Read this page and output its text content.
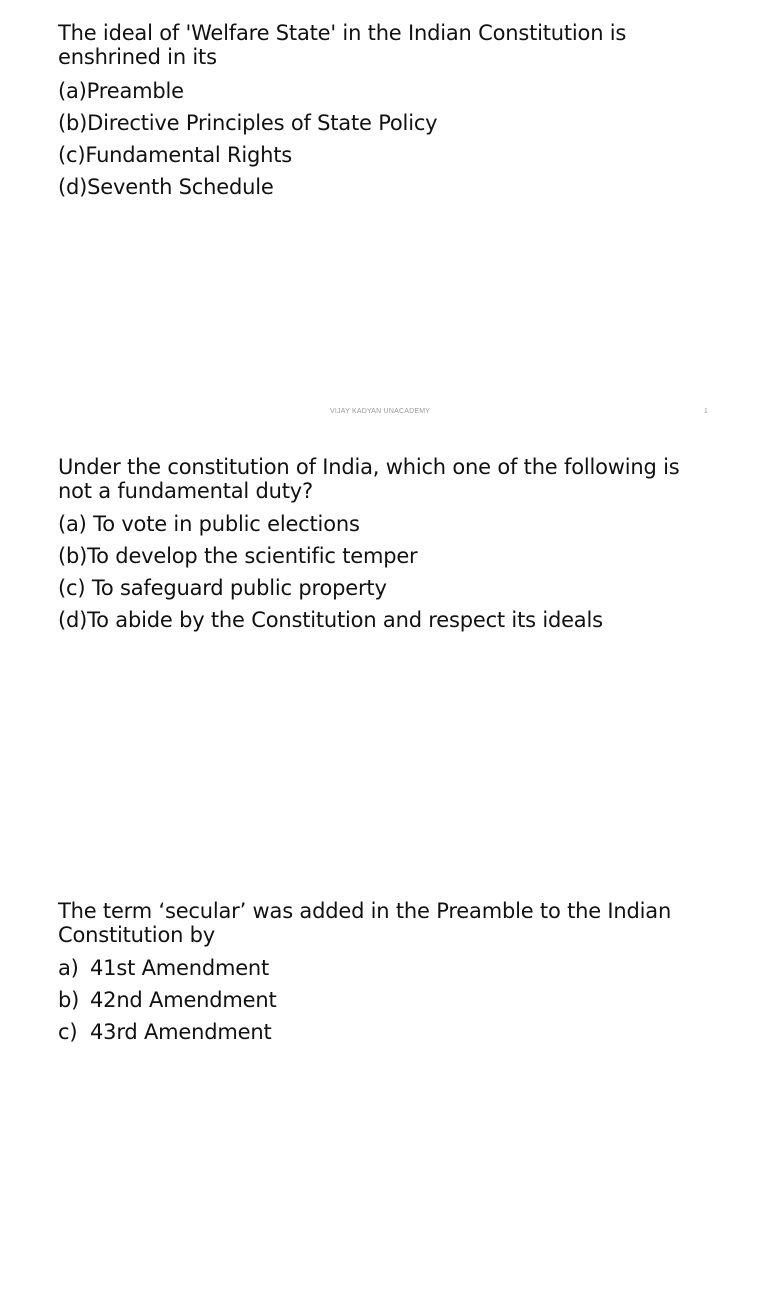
The ideal of 'Welfare State' in the Indian Constitution is enshrined in its
(a)Preamble
(b)Directive Principles of State Policy
(c)Fundamental Rights
(d)Seventh Schedule
VIJAY KADYAN UNACADEMY	1
Under the constitution of India, which one of the following is not a fundamental duty?
(a) To vote in public elections
(b)To develop the scientific temper
(c) To safeguard public property
(d)To abide by the Constitution and respect its ideals
The term ‘secular’ was added in the Preamble to the Indian Constitution by
a) 41st Amendment
b) 42nd Amendment
c) 43rd Amendment
